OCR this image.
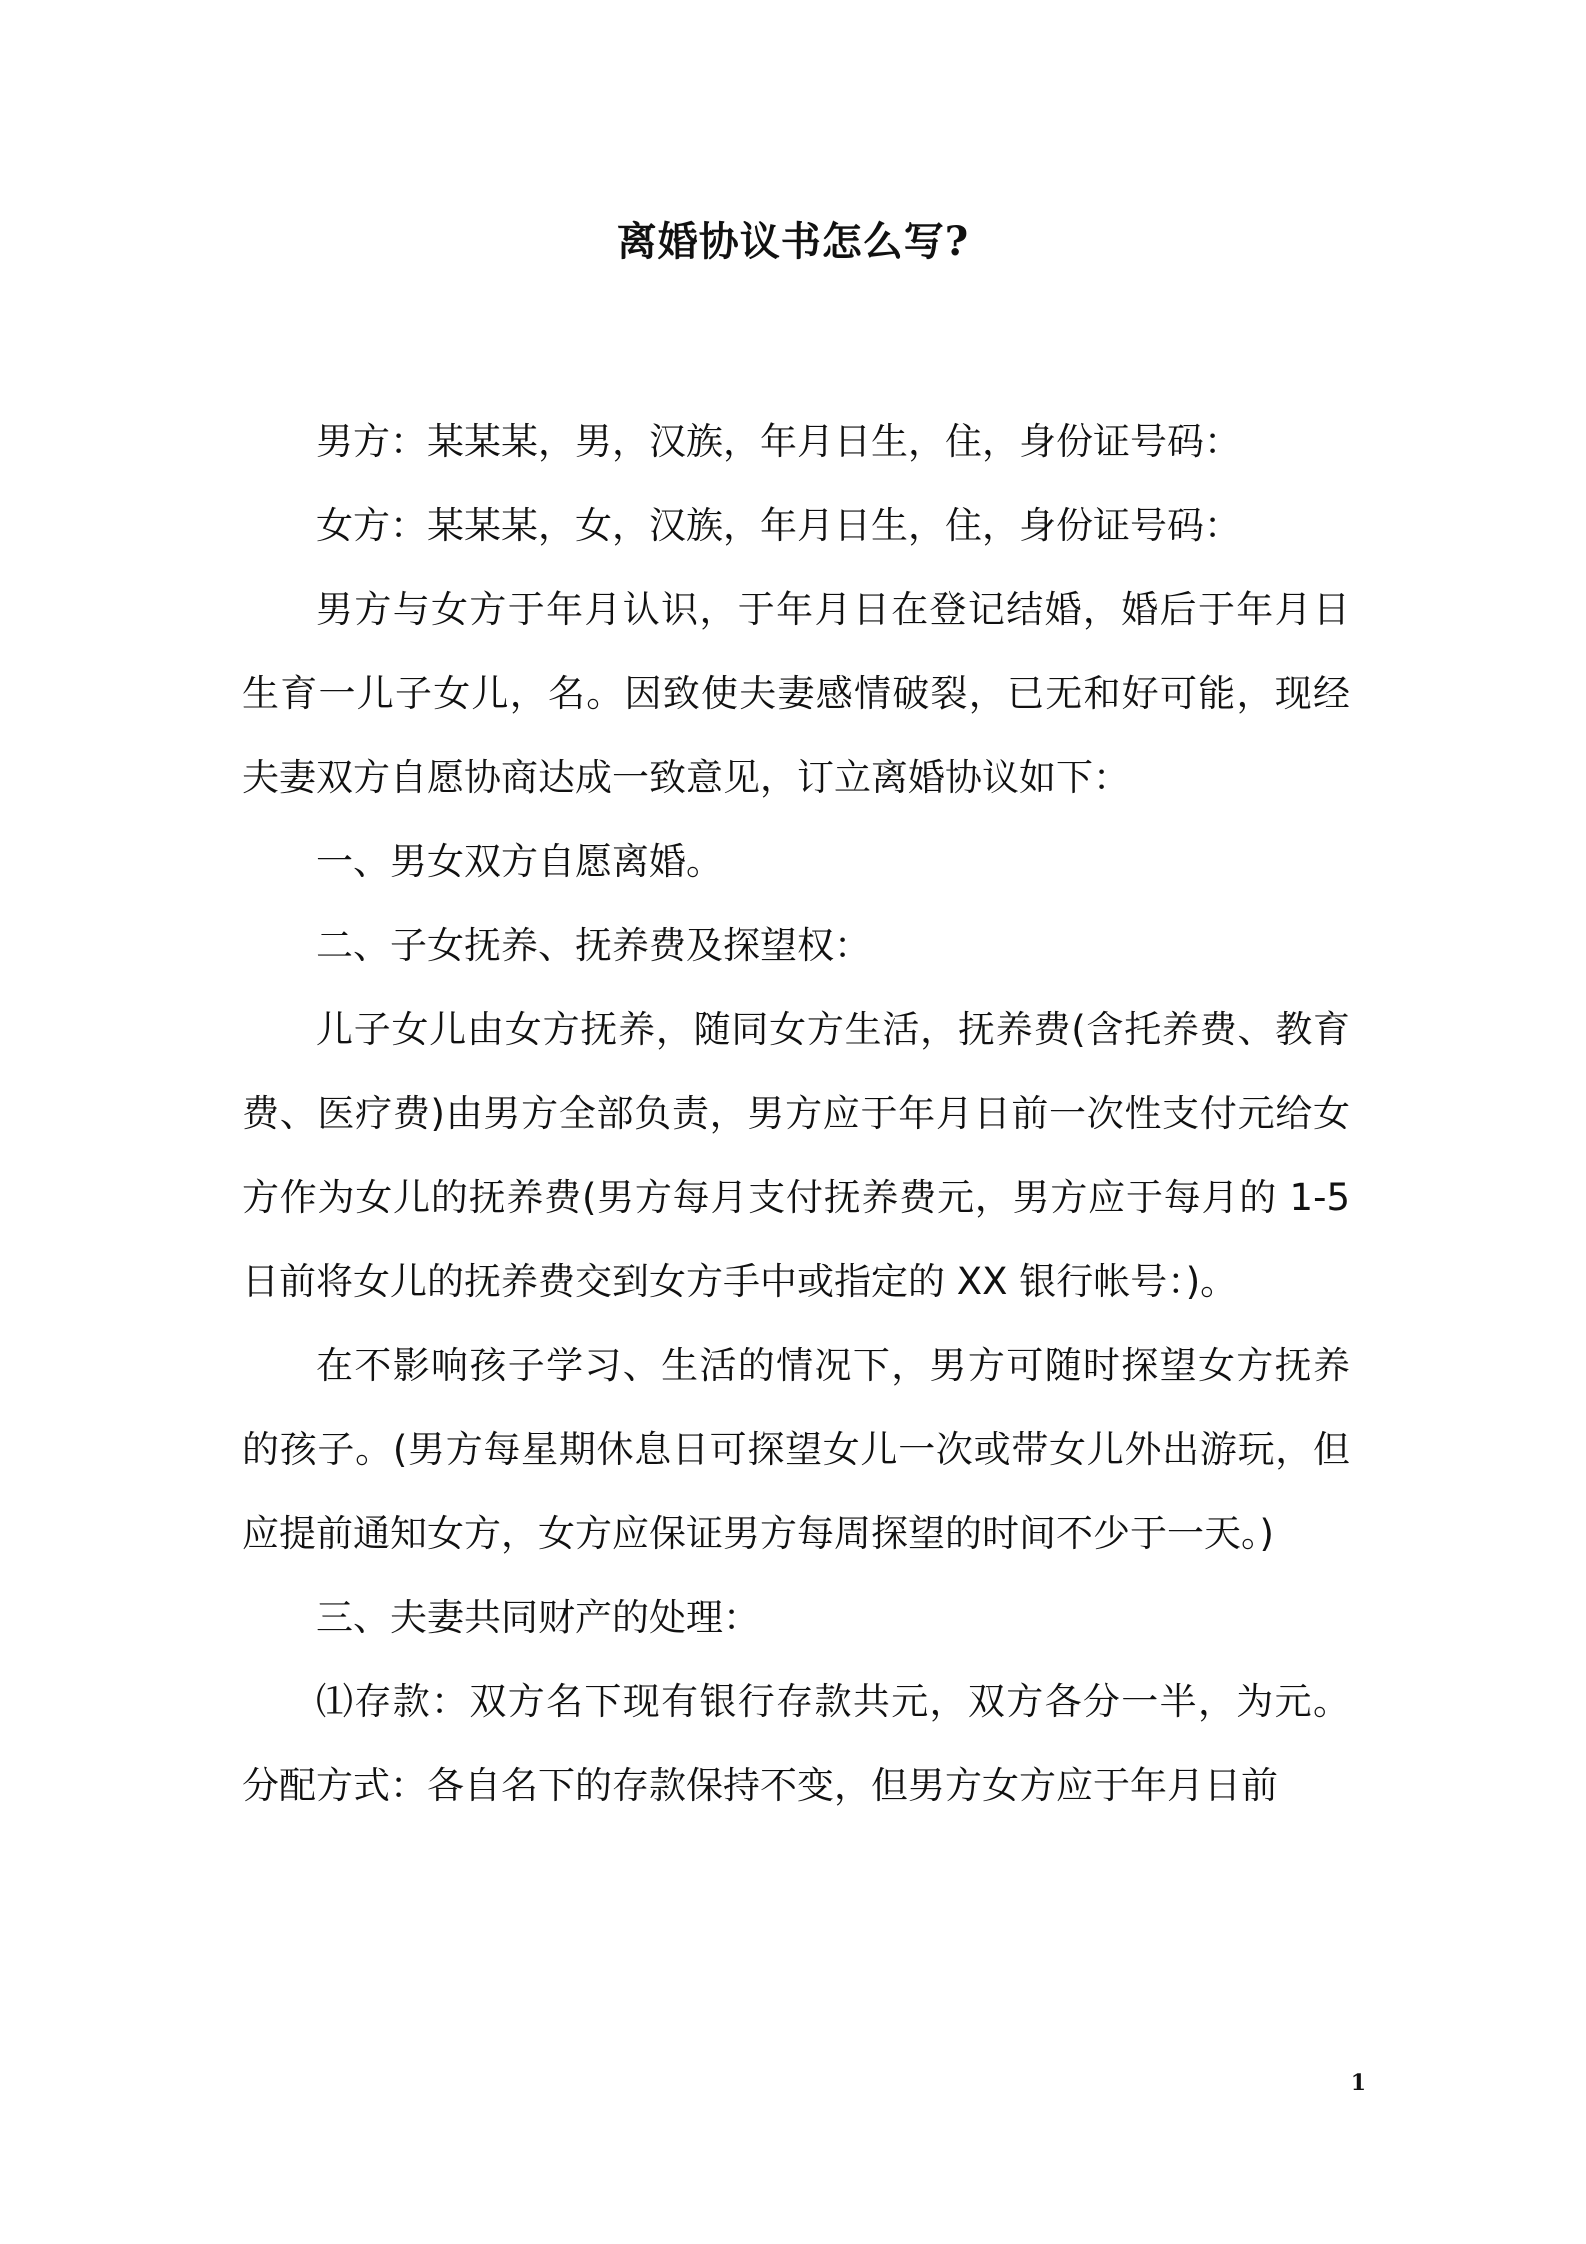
离婚协议书怎么写?

男方：某某某，男，汉族，年月日生，住，身份证号码：

女方：某某某，女，汉族，年月日生，住，身份证号码：

男方与女方于年月认识，于年月日在登记结婚，婚后于年月日生育一儿子女儿，名。因致使夫妻感情破裂，已无和好可能，现经夫妻双方自愿协商达成一致意见，订立离婚协议如下：

一、男女双方自愿离婚。

二、子女抚养、抚养费及探望权：

儿子女儿由女方抚养，随同女方生活，抚养费(含托养费、教育费、医疗费)由男方全部负责，男方应于年月日前一次性支付元给女方作为女儿的抚养费(男方每月支付抚养费元，男方应于每月的 1-5 日前将女儿的抚养费交到女方手中或指定的 XX 银行帐号：)。

在不影响孩子学习、生活的情况下，男方可随时探望女方抚养的孩子。(男方每星期休息日可探望女儿一次或带女儿外出游玩，但应提前通知女方，女方应保证男方每周探望的时间不少于一天。)

三、夫妻共同财产的处理：

⑴存款：双方名下现有银行存款共元，双方各分一半，为元。分配方式：各自名下的存款保持不变，但男方女方应于年月日前

1
